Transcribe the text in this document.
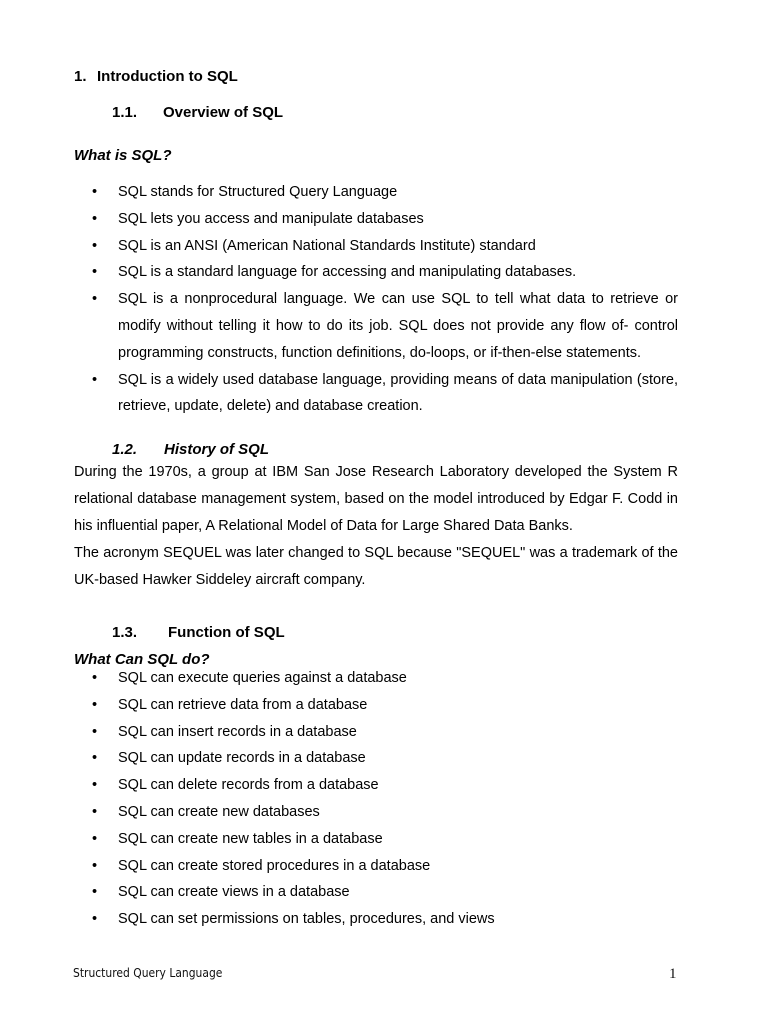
1. Introduction to SQL
1.1. Overview of SQL
What is SQL?
• SQL stands for Structured Query Language
• SQL lets you access and manipulate databases
• SQL is an ANSI (American National Standards Institute) standard
• SQL is a standard language for accessing and manipulating databases.
• SQL is a nonprocedural language. We can use SQL to tell what data to retrieve or modify without telling it how to do its job. SQL does not provide any flow of- control programming constructs, function definitions, do-loops, or if-then-else statements.
• SQL is a widely used database language, providing means of data manipulation (store, retrieve, update, delete) and database creation.
1.2. History of SQL
During the 1970s, a group at IBM San Jose Research Laboratory developed the System R relational database management system, based on the model introduced by Edgar F. Codd in his influential paper, A Relational Model of Data for Large Shared Data Banks.
The acronym SEQUEL was later changed to SQL because "SEQUEL" was a trademark of the UK-based Hawker Siddeley aircraft company.
1.3. Function of SQL
What Can SQL do?
• SQL can execute queries against a database
• SQL can retrieve data from a database
• SQL can insert records in a database
• SQL can update records in a database
• SQL can delete records from a database
• SQL can create new databases
• SQL can create new tables in a database
• SQL can create stored procedures in a database
• SQL can create views in a database
• SQL can set permissions on tables, procedures, and views
Structured Query Language	1
